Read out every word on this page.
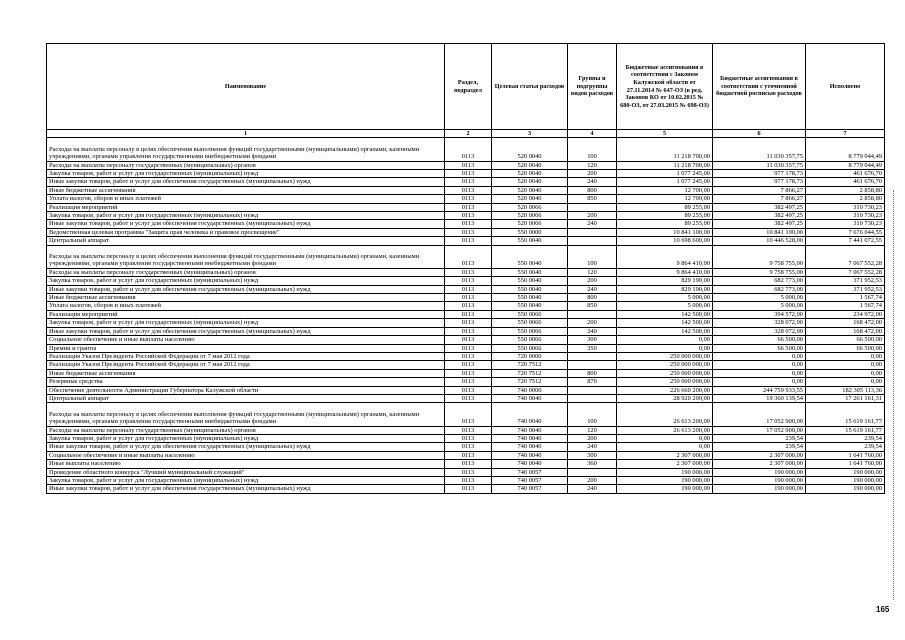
Наименование	Раздел, подраздел	Целевая статья расходов	Группы и подгруппы видов расходов	Бюджетные ассигнования в соответствии с Законом Калужской области от 27.11.2014 № 647-ОЗ (в ред. Законов КО от 10.02.2015 № 680-ОЗ, от 27.03.2015 № 698-ОЗ)	Бюджетные ассигнования в соответствии с уточненной бюджетной росписью расходов	Исполнено
1	2	3	4	5	6	7
Расходы на выплаты персоналу в целях обеспечения выполнения функций государственными (муниципальными) органами, казенными учреждениями, органами управления государственными внебюджетными фондами	0113	520 0040	100	11 218 700,00	11 030 357,75	8 779 044,49
Расходы на выплаты персоналу государственных (муниципальных) органов	0113	520 0040	120	11 218 700,00	11 030 357,75	8 779 044,49
Закупка товаров, работ и услуг для государственных (муниципальных) нужд	0113	520 0040	200	1 077 245,00	977 178,73	461 676,70
Иные закупки товаров, работ и услуг для обеспечения государственных (муниципальных) нужд	0113	520 0040	240	1 077 245,00	977 178,73	461 676,70
Иные бюджетные ассигнования	0113	520 0040	800	12 700,00	7 866,27	2 858,80
Уплата налогов, сборов и иных платежей	0113	520 0040	850	12 700,00	7 866,27	2 858,80
Реализация мероприятий	0113	520 0066		89 255,00	382 497,25	310 730,23
Закупка товаров, работ и услуг для государственных (муниципальных) нужд	0113	520 0066	200	89 255,00	382 497,25	310 730,23
Иные закупки товаров, работ и услуг для обеспечения государственных (муниципальных) нужд	0113	520 0066	240	89 255,00	382 497,25	310 730,23
Ведомственная целевая программа "Защита прав человека и правовое просвещение"	0113	550 0000		10 841 100,00	10 841 100,00	7 676 044,55
Центральный аппарат	0113	550 0040		10 698 600,00	10 446 528,00	7 441 072,55
Расходы на выплаты персоналу в целях обеспечения выполнения функций государственными (муниципальными) органами, казенными учреждениями, органами управления государственными внебюджетными фондами	0113	550 0040	100	9 864 410,00	9 758 755,00	7 067 552,28
Расходы на выплаты персоналу государственных (муниципальных) органов	0113	550 0040	120	9 864 410,00	9 758 755,00	7 067 552,28
Закупка товаров, работ и услуг для государственных (муниципальных) нужд	0113	550 0040	200	829 190,00	682 773,00	371 952,53
Иные закупки товаров, работ и услуг для обеспечения государственных (муниципальных) нужд	0113	550 0040	240	829 190,00	682 773,00	371 952,53
Иные бюджетные ассигнования	0113	550 0040	800	5 000,00	5 000,00	1 567,74
Уплата налогов, сборов и иных платежей	0113	550 0040	850	5 000,00	5 000,00	1 567,74
Реализация мероприятий	0113	550 0066		142 500,00	394 572,00	234 972,00
Закупка товаров, работ и услуг для государственных (муниципальных) нужд	0113	550 0066	200	142 500,00	328 072,00	168 472,00
Иные закупки товаров, работ и услуг для обеспечения государственных (муниципальных) нужд	0113	550 0066	240	142 500,00	328 072,00	168 472,00
Социальное обеспечение и иные выплаты населению	0113	550 0066	300	0,00	66 500,00	66 500,00
Премии и гранты	0113	550 0066	350	0,00	66 500,00	66 500,00
Реализация Указов Президента Российской Федерации от 7 мая 2012 года	0113	720 0000		250 000 000,00	0,00	0,00
Реализация Указов Президента Российской Федерации от 7 мая 2012 года	0113	720 7512		250 000 000,00	0,00	0,00
Иные бюджетные ассигнования	0113	720 7512	800	250 000 000,00	0,00	0,00
Резервные средства	0113	720 7512	870	250 000 000,00	0,00	0,00
Обеспечение деятельности Администрации Губернатора Калужской области	0113	740 0000		226 660 200,00	244 759 933,55	182 305 113,36
Центральный аппарат	0113	740 0040		28 920 200,00	19 360 139,54	17 261 161,31
Расходы на выплаты персоналу в целях обеспечения выполнения функций государственными (муниципальными) органами, казенными учреждениями, органами управления государственными внебюджетными фондами	0113	740 0040	100	26 613 200,00	17 052 900,00	15 619 161,77
Расходы на выплаты персоналу государственных (муниципальных) органов	0113	740 0040	120	26 613 200,00	17 052 900,00	15 619 161,77
Закупка товаров, работ и услуг для государственных (муниципальных) нужд	0113	740 0040	200	0,00	239,54	239,54
Иные закупки товаров, работ и услуг для обеспечения государственных (муниципальных) нужд	0113	740 0040	240	0,00	239,54	239,54
Социальное обеспечение и иные выплаты населению	0113	740 0040	300	2 307 000,00	2 307 000,00	1 641 760,00
Иные выплаты населению	0113	740 0040	360	2 307 000,00	2 307 000,00	1 641 760,00
Проведение областного конкурса "Лучший муниципальный служащий"	0113	740 0057		190 000,00	190 000,00	190 000,00
Закупка товаров, работ и услуг для государственных (муниципальных) нужд	0113	740 0057	200	190 000,00	190 000,00	190 000,00
Иные закупки товаров, работ и услуг для обеспечения государственных (муниципальных) нужд	0113	740 0057	240	190 000,00	190 000,00	190 000,00
165
